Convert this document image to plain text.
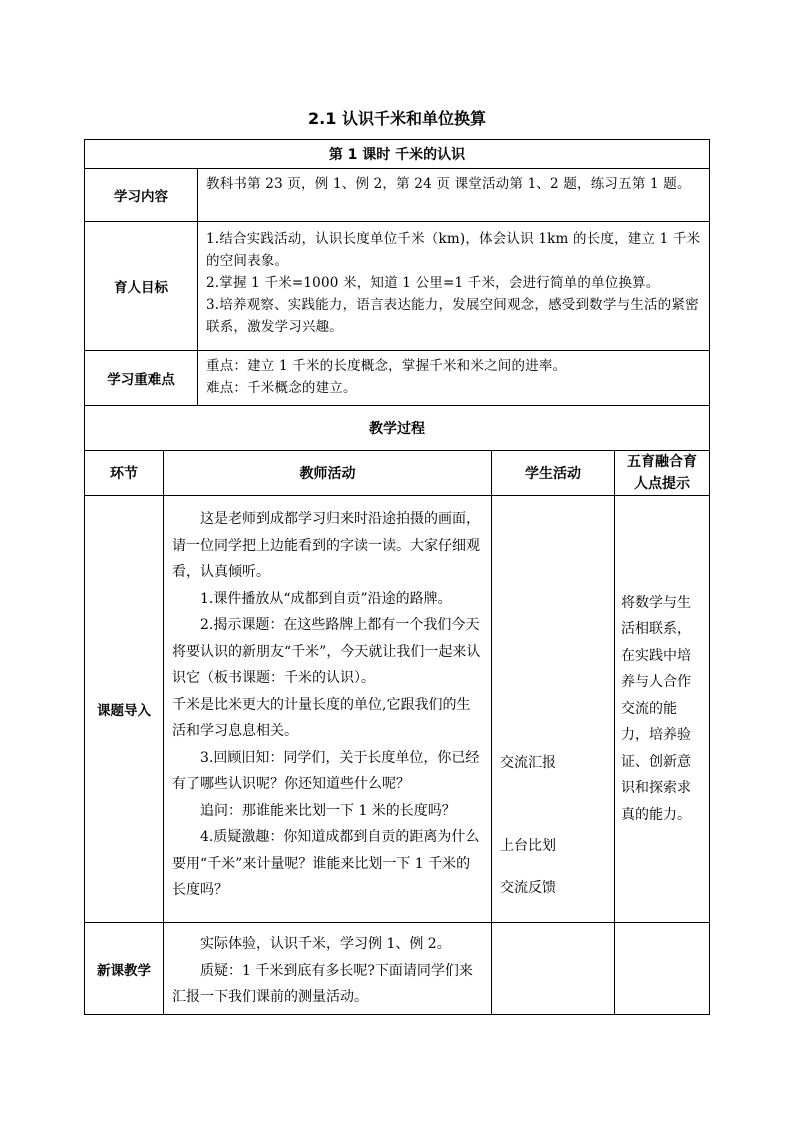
2.1 认识千米和单位换算
第 1 课时 千米的认识
学习内容

教科书第 23 页，例 1、例 2，第 24 页 课堂活动第 1、2 题，练习五第 1 题。

育人目标

1.结合实践活动，认识长度单位千米（km)，体会认识 1km 的长度，建立 1 千米的空间表象。

2.掌握 1 千米=1000 米，知道 1 公里=1 千米，会进行简单的单位换算。

3.培养观察、实践能力，语言表达能力，发展空间观念，感受到数学与生活的紧密联系，激发学习兴趣。

学习重难点

重点：建立 1 千米的长度概念，掌握千米和米之间的进率。

难点：千米概念的建立。

教学过程
环节	教师活动	学生活动
五育融合育人点提示
课题导入

这是老师到成都学习归来时沿途拍摄的画面，请一位同学把上边能看到的字读一读。大家仔细观看，认真倾听。

1.课件播放从“成都到自贡”沿途的路牌。

2.揭示课题：在这些路牌上都有一个我们今天将要认识的新朋友“千米”，今天就让我们一起来认识它（板书课题：千米的认识）。

千米是比米更大的计量长度的单位,它跟我们的生活和学习息息相关。

3.回顾旧知：同学们，关于长度单位，你已经有了哪些认识呢？你还知道些什么呢？

追问：那谁能来比划一下 1 米的长度吗？

4.质疑激趣：你知道成都到自贡的距离为什么要用“千米”来计量呢？谁能来比划一下 1 千米的长度吗？

交流汇报
上台比划
交流反馈
将数学与生活相联系，在实践中培养与人合作交流的能力，培养验证、创新意识和探索求真的能力。
新课教学

实际体验，认识千米，学习例 1、例 2。

质疑：1 千米到底有多长呢?下面请同学们来汇报一下我们课前的测量活动。
